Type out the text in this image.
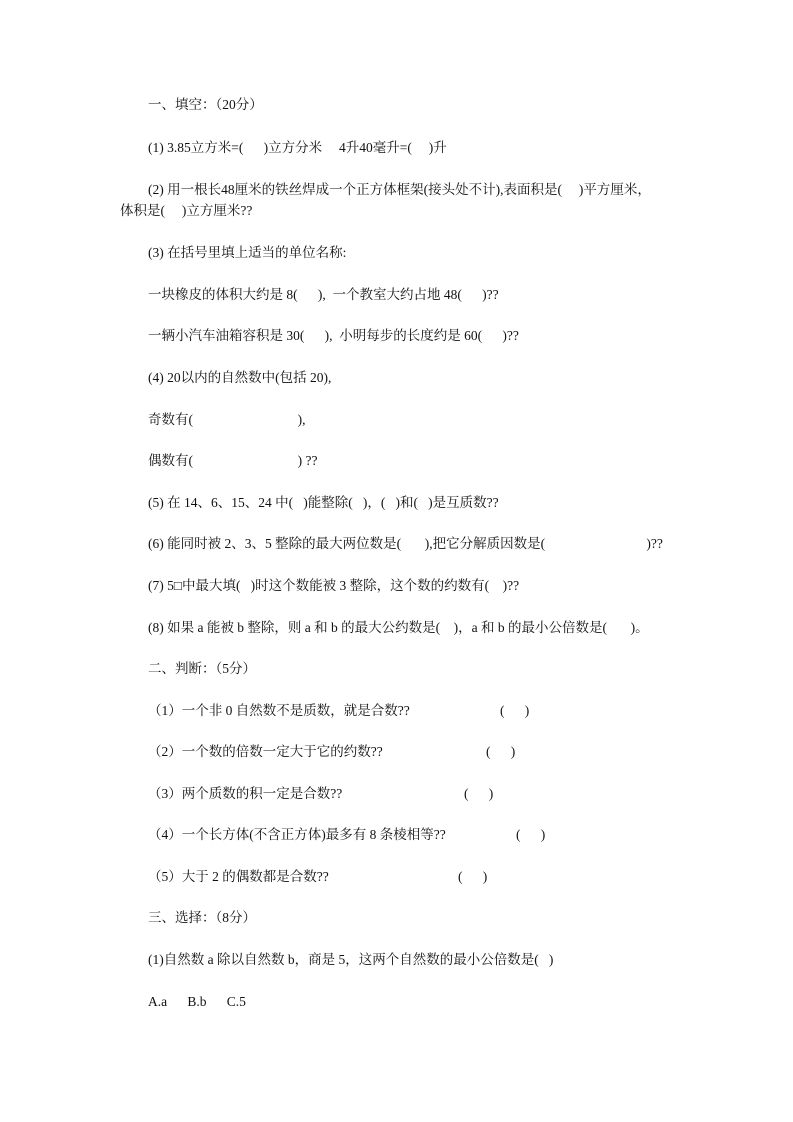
一、填空：（20分）
(1) 3.85立方米=(      )立方分米     4升40毫升=(     )升
(2) 用一根长48厘米的铁丝焊成一个正方体框架(接头处不计),表面积是(     )平方厘米，
体积是(     )立方厘米??
(3) 在括号里填上适当的单位名称:
一块橡皮的体积大约是 8(      ),  一个教室大约占地 48(      )??
一辆小汽车油箱容积是 30(      ),  小明每步的长度约是 60(      )??
(4) 20以内的自然数中(包括 20),
奇数有(                               ),
偶数有(                               ) ??
(5) 在 14、6、15、24 中(   )能整除(   )，(   )和(   )是互质数??
(6) 能同时被 2、3、5 整除的最大两位数是(       ),把它分解质因数是(                              )??
(7) 5□中最大填(   )时这个数能被 3 整除，这个数的约数有(    )??
(8) 如果 a 能被 b 整除，则 a 和 b 的最大公约数是(    )，a 和 b 的最小公倍数是(       )。
二、判断：（5分）
（1）一个非 0 自然数不是质数，就是合数??	(      )
（2）一个数的倍数一定大于它的约数??	(      )
（3）两个质数的积一定是合数??	(      )
（4）一个长方体(不含正方体)最多有 8 条棱相等??	(      )
（5）大于 2 的偶数都是合数??	(      )
三、选择：（8分）
(1)自然数 a 除以自然数 b，商是 5，这两个自然数的最小公倍数是(   )
A.a      B.b      C.5
